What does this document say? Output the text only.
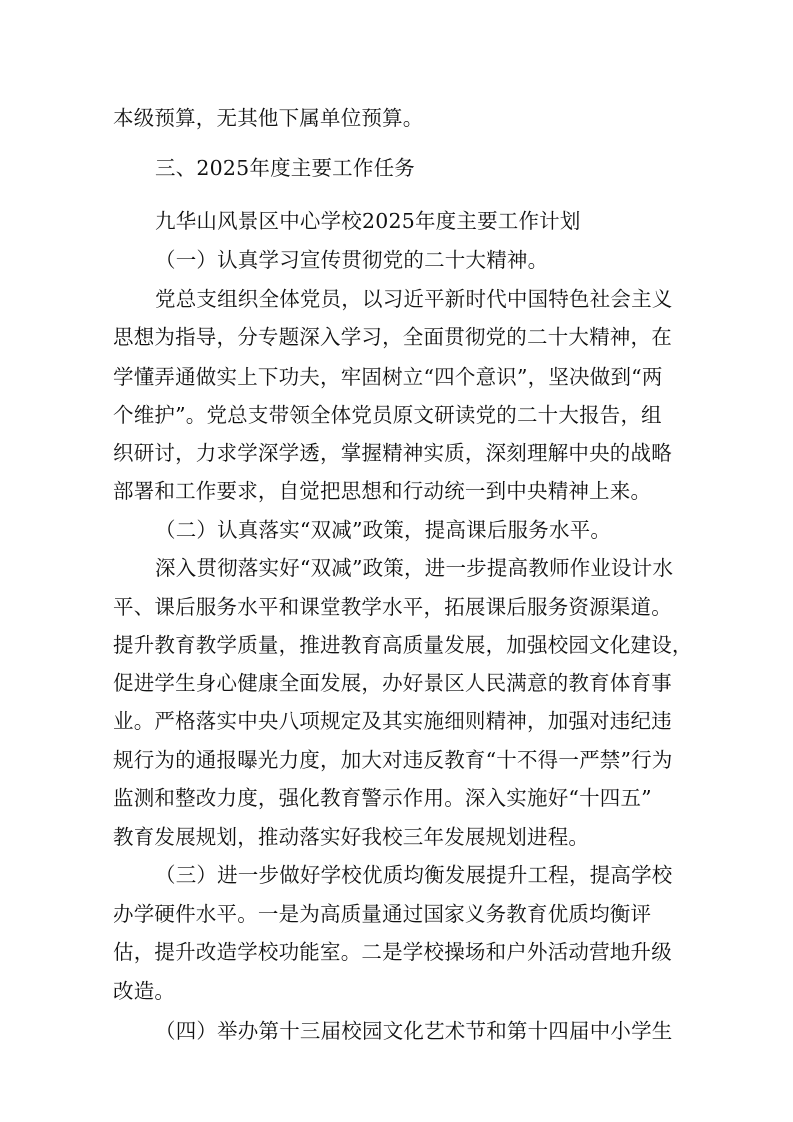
本级预算，无其他下属单位预算。
三、2025年度主要工作任务
九华山风景区中心学校2025年度主要工作计划
（一）认真学习宣传贯彻党的二十大精神。
党总支组织全体党员，以习近平新时代中国特色社会主义
思想为指导，分专题深入学习，全面贯彻党的二十大精神，在
学懂弄通做实上下功夫，牢固树立“四个意识”，坚决做到“两
个维护”。党总支带领全体党员原文研读党的二十大报告，组
织研讨，力求学深学透，掌握精神实质，深刻理解中央的战略
部署和工作要求，自觉把思想和行动统一到中央精神上来。
（二）认真落实“双减”政策，提高课后服务水平。
深入贯彻落实好“双减”政策，进一步提高教师作业设计水
平、课后服务水平和课堂教学水平，拓展课后服务资源渠道。
提升教育教学质量，推进教育高质量发展，加强校园文化建设，
促进学生身心健康全面发展，办好景区人民满意的教育体育事
业。严格落实中央八项规定及其实施细则精神，加强对违纪违
规行为的通报曝光力度，加大对违反教育“十不得一严禁”行为
监测和整改力度，强化教育警示作用。深入实施好“十四五”
教育发展规划，推动落实好我校三年发展规划进程。
（三）进一步做好学校优质均衡发展提升工程，提高学校
办学硬件水平。一是为高质量通过国家义务教育优质均衡评
估，提升改造学校功能室。二是学校操场和户外活动营地升级
改造。
（四）举办第十三届校园文化艺术节和第十四届中小学生
